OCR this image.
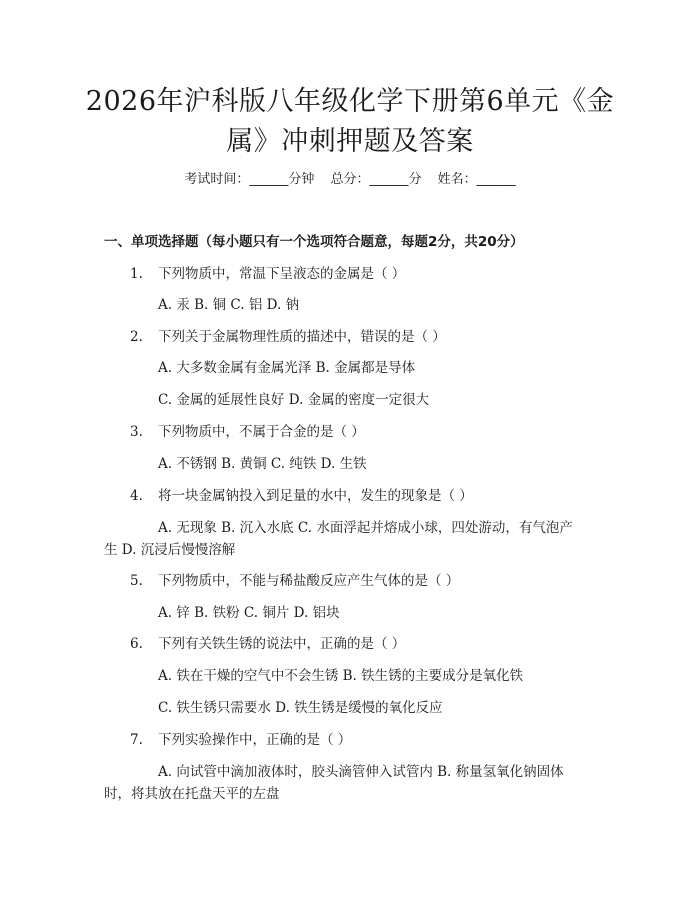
2026年沪科版八年级化学下册第6单元《金
属》冲刺押题及答案
考试时间：______分钟 总分：______分 姓名：______
一、单项选择题（每小题只有一个选项符合题意，每题2分，共20分）
1. 下列物质中，常温下呈液态的金属是（ ）
A. 汞 B. 铜 C. 铝 D. 钠
2. 下列关于金属物理性质的描述中，错误的是（ ）
A. 大多数金属有金属光泽 B. 金属都是导体
C. 金属的延展性良好 D. 金属的密度一定很大
3. 下列物质中，不属于合金的是（ ）
A. 不锈钢 B. 黄铜 C. 纯铁 D. 生铁
4. 将一块金属钠投入到足量的水中，发生的现象是（ ）
A. 无现象 B. 沉入水底 C. 水面浮起并熔成小球，四处游动，有气泡产
生 D. 沉浸后慢慢溶解
5. 下列物质中，不能与稀盐酸反应产生气体的是（ ）
A. 锌 B. 铁粉 C. 铜片 D. 铝块
6. 下列有关铁生锈的说法中，正确的是（ ）
A. 铁在干燥的空气中不会生锈 B. 铁生锈的主要成分是氧化铁
C. 铁生锈只需要水 D. 铁生锈是缓慢的氧化反应
7. 下列实验操作中，正确的是（ ）
A. 向试管中滴加液体时，胶头滴管伸入试管内 B. 称量氢氧化钠固体
时，将其放在托盘天平的左盘
